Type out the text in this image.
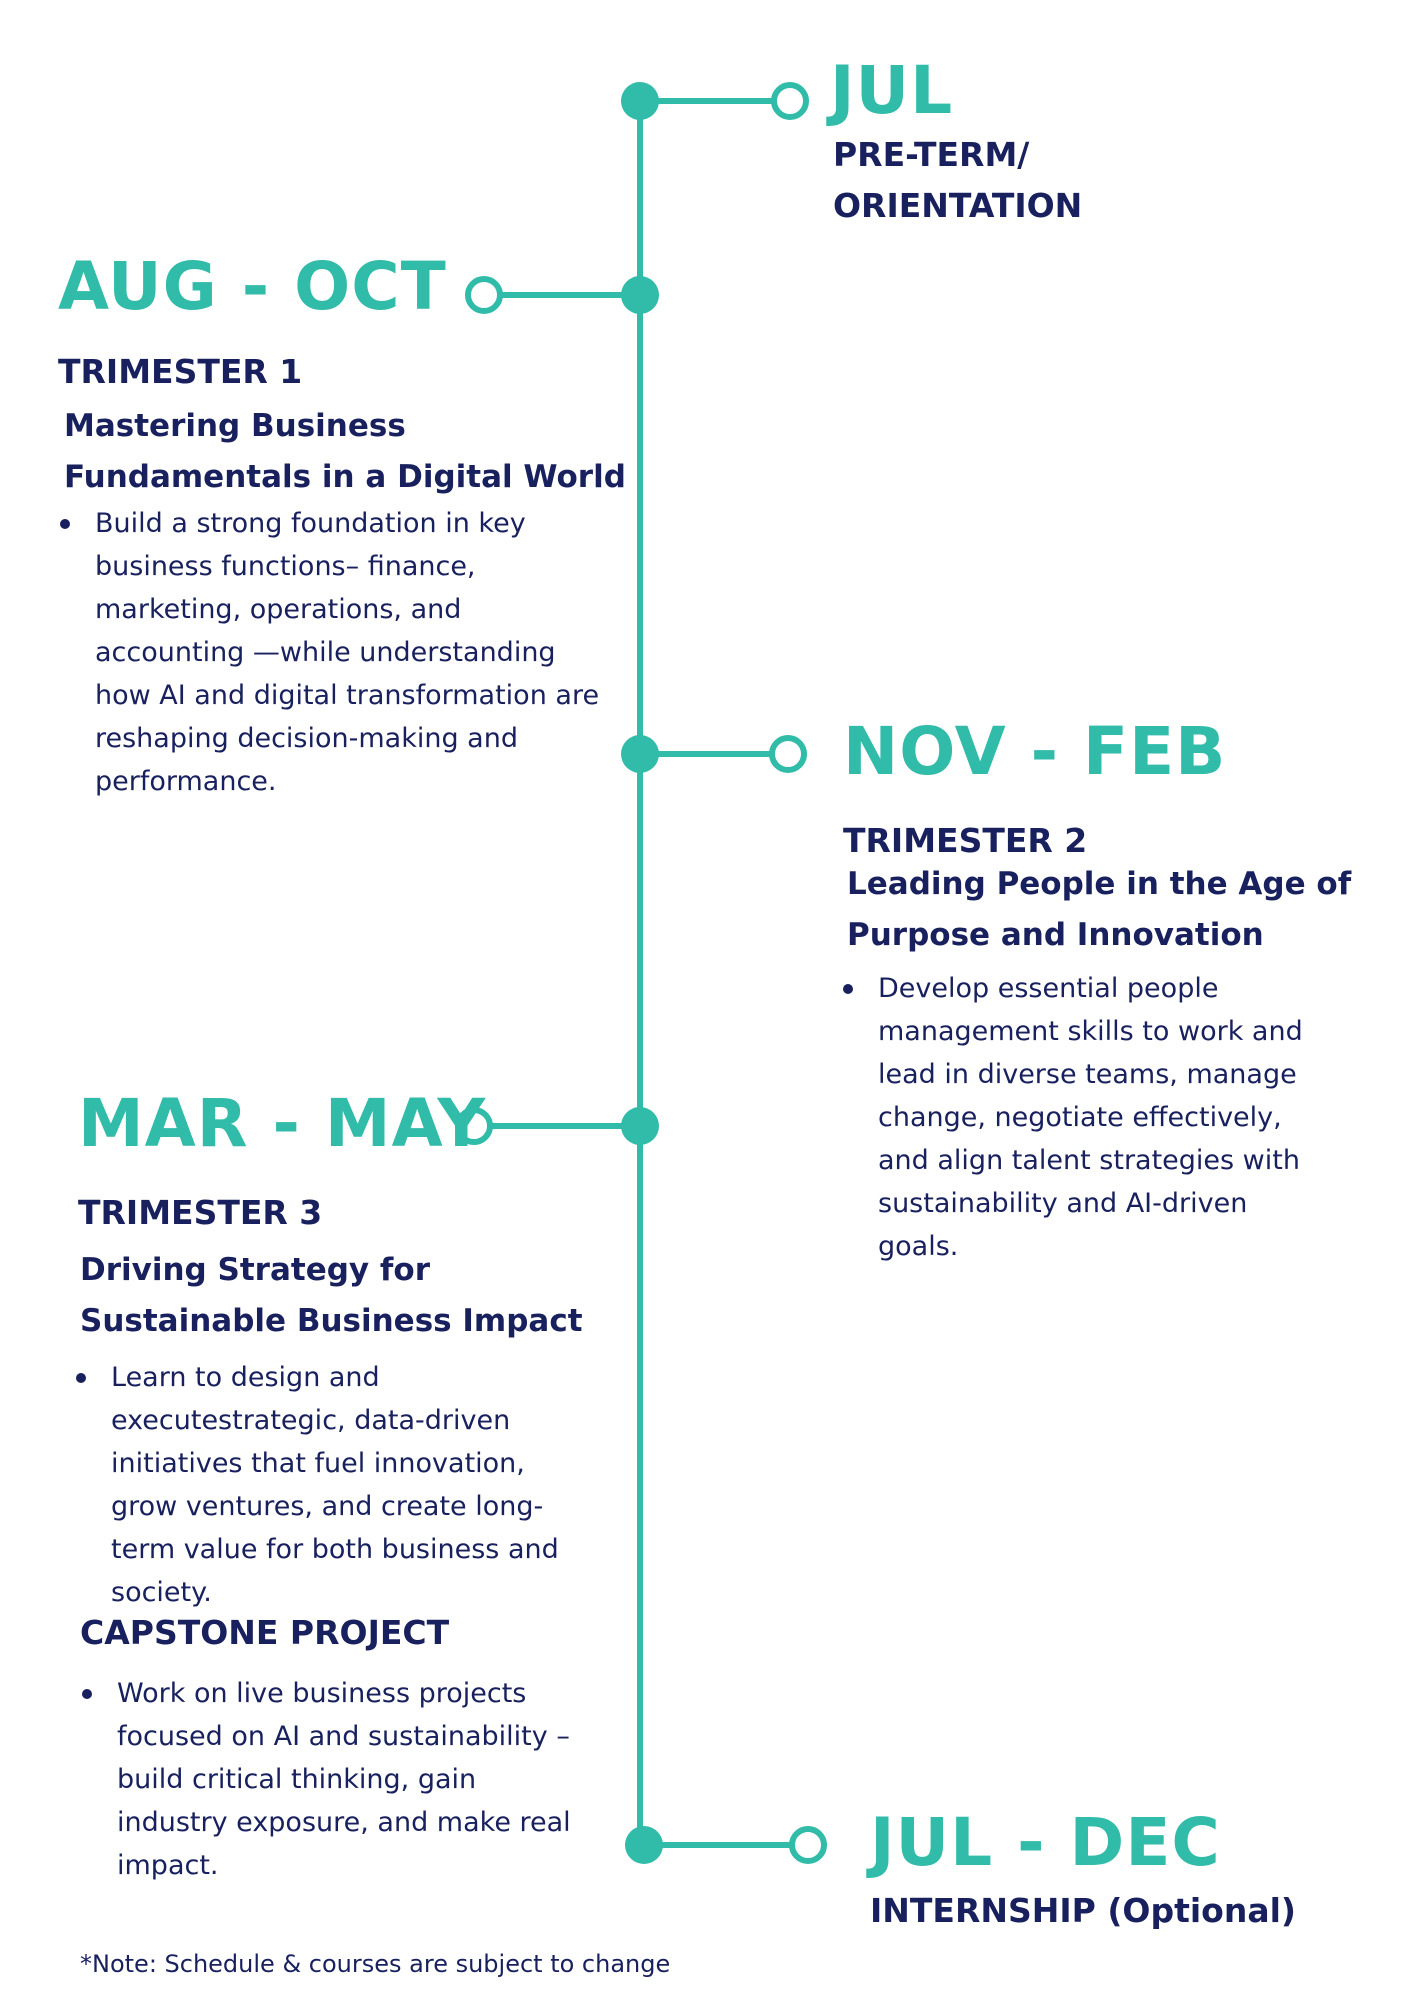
JUL

PRE-TERM/

ORIENTATION

AUG - OCT

TRIMESTER 1

Mastering Business

Fundamentals in a Digital World

Build a strong foundation in key business functions– finance, marketing, operations, and accounting —while understanding how AI and digital transformation are reshaping decision-making and performance.	NOV - FEB

TRIMESTER 2

Leading People in the Age of

Purpose and Innovation

Develop essential people management skills to work and lead in diverse teams, manage change, negotiate effectively, and align talent strategies with sustainability and AI-driven goals.
MAR - MAY

TRIMESTER 3

Driving Strategy for

Sustainable Business Impact

Learn to design and executestrategic, data-driven initiatives that fuel innovation, grow ventures, and create long-term value for both business and society.

CAPSTONE PROJECT

Work on live business projects focused on AI and sustainability – build critical thinking, gain industry exposure, and make real impact.	JUL - DEC

INTERNSHIP (Optional)

*Note: Schedule & courses are subject to change
